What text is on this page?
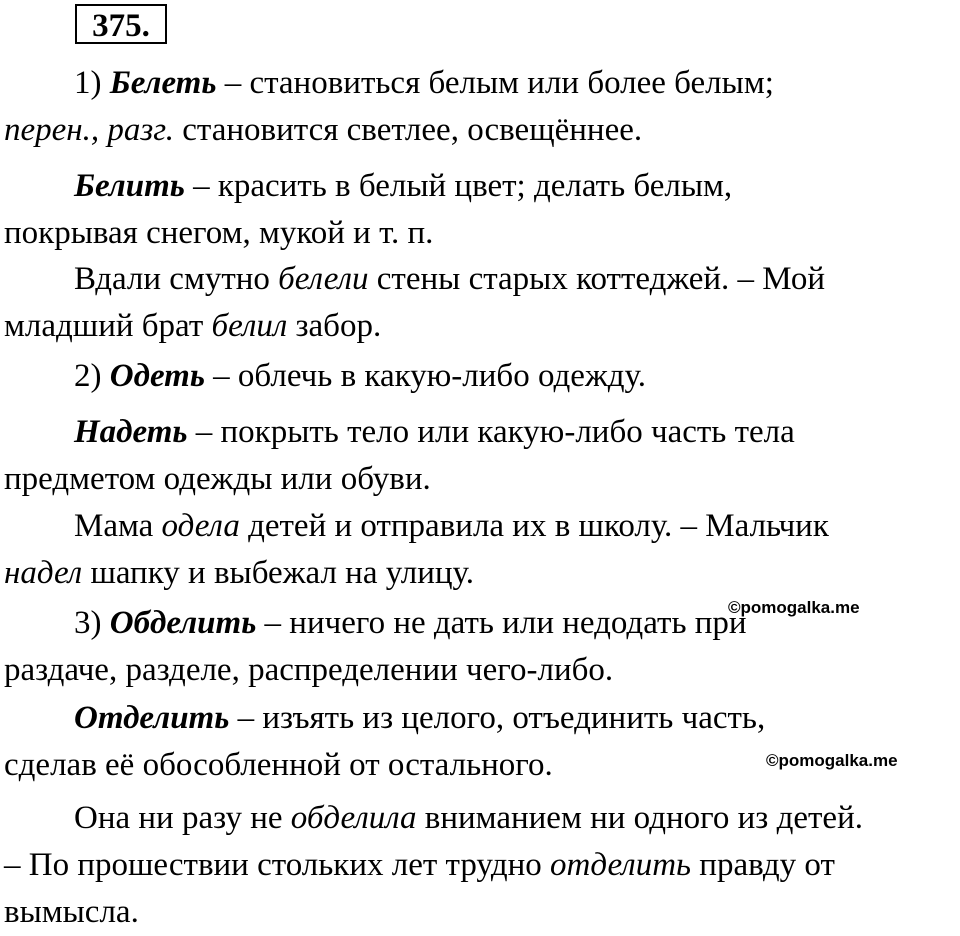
375.
1) Белеть – становиться белым или более белым;
перен., разг. становится светлее, освещённее.
Белить – красить в белый цвет; делать белым,
покрывая снегом, мукой и т. п.
Вдали смутно белели стены старых коттеджей. – Мой
младший брат белил забор.
2) Одеть – облечь в какую-либо одежду.
Надеть – покрыть тело или какую-либо часть тела
предметом одежды или обуви.
Мама одела детей и отправила их в школу. – Мальчик
надел шапку и выбежал на улицу.
3) Обделить – ничего не дать или недодать при
раздаче, разделе, распределении чего-либо.
Отделить – изъять из целого, отъединить часть,
сделав её обособленной от остального.
Она ни разу не обделила вниманием ни одного из детей.
– По прошествии стольких лет трудно отделить правду от
вымысла.
©pomogalka.me
©pomogalka.me
